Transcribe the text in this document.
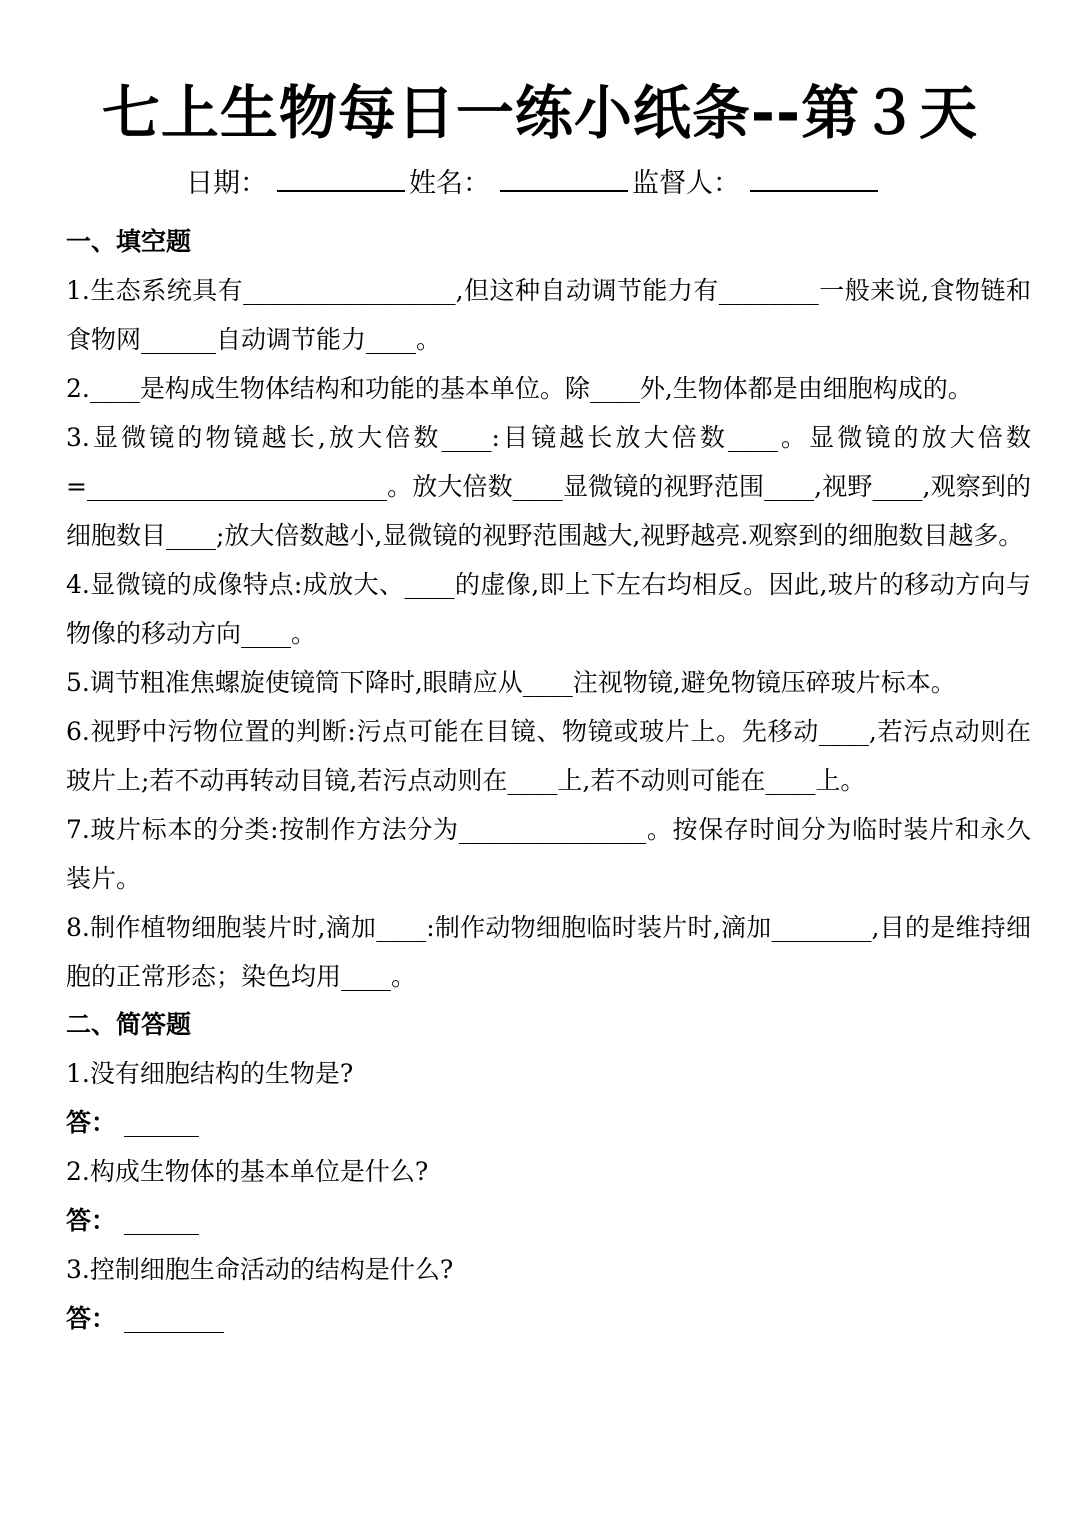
七上生物每日一练小纸条--第３天
日期：	姓名：	监督人：
一、填空题
1.生态系统具有_________________,但这种自动调节能力有________一般来说,食物链和食物网______自动调节能力____。
2.____是构成生物体结构和功能的基本单位。除____外,生物体都是由细胞构成的。
3.显微镜的物镜越长,放大倍数____:目镜越长放大倍数____。显微镜的放大倍数=________________________。放大倍数____显微镜的视野范围____,视野____,观察到的细胞数目____;放大倍数越小,显微镜的视野范围越大,视野越亮.观察到的细胞数目越多。
4.显微镜的成像特点:成放大、____的虚像,即上下左右均相反。因此,玻片的移动方向与物像的移动方向____。
5.调节粗准焦螺旋使镜筒下降时,眼睛应从____注视物镜,避免物镜压碎玻片标本。
6.视野中污物位置的判断:污点可能在目镜、物镜或玻片上。先移动____,若污点动则在玻片上;若不动再转动目镜,若污点动则在____上,若不动则可能在____上。
7.玻片标本的分类:按制作方法分为_______________。按保存时间分为临时装片和永久装片。
8.制作植物细胞装片时,滴加____:制作动物细胞临时装片时,滴加________,目的是维持细胞的正常形态；染色均用____。
二、简答题
1.没有细胞结构的生物是?
答： ______
2.构成生物体的基本单位是什么?
答： ______
3.控制细胞生命活动的结构是什么?
答： ________
